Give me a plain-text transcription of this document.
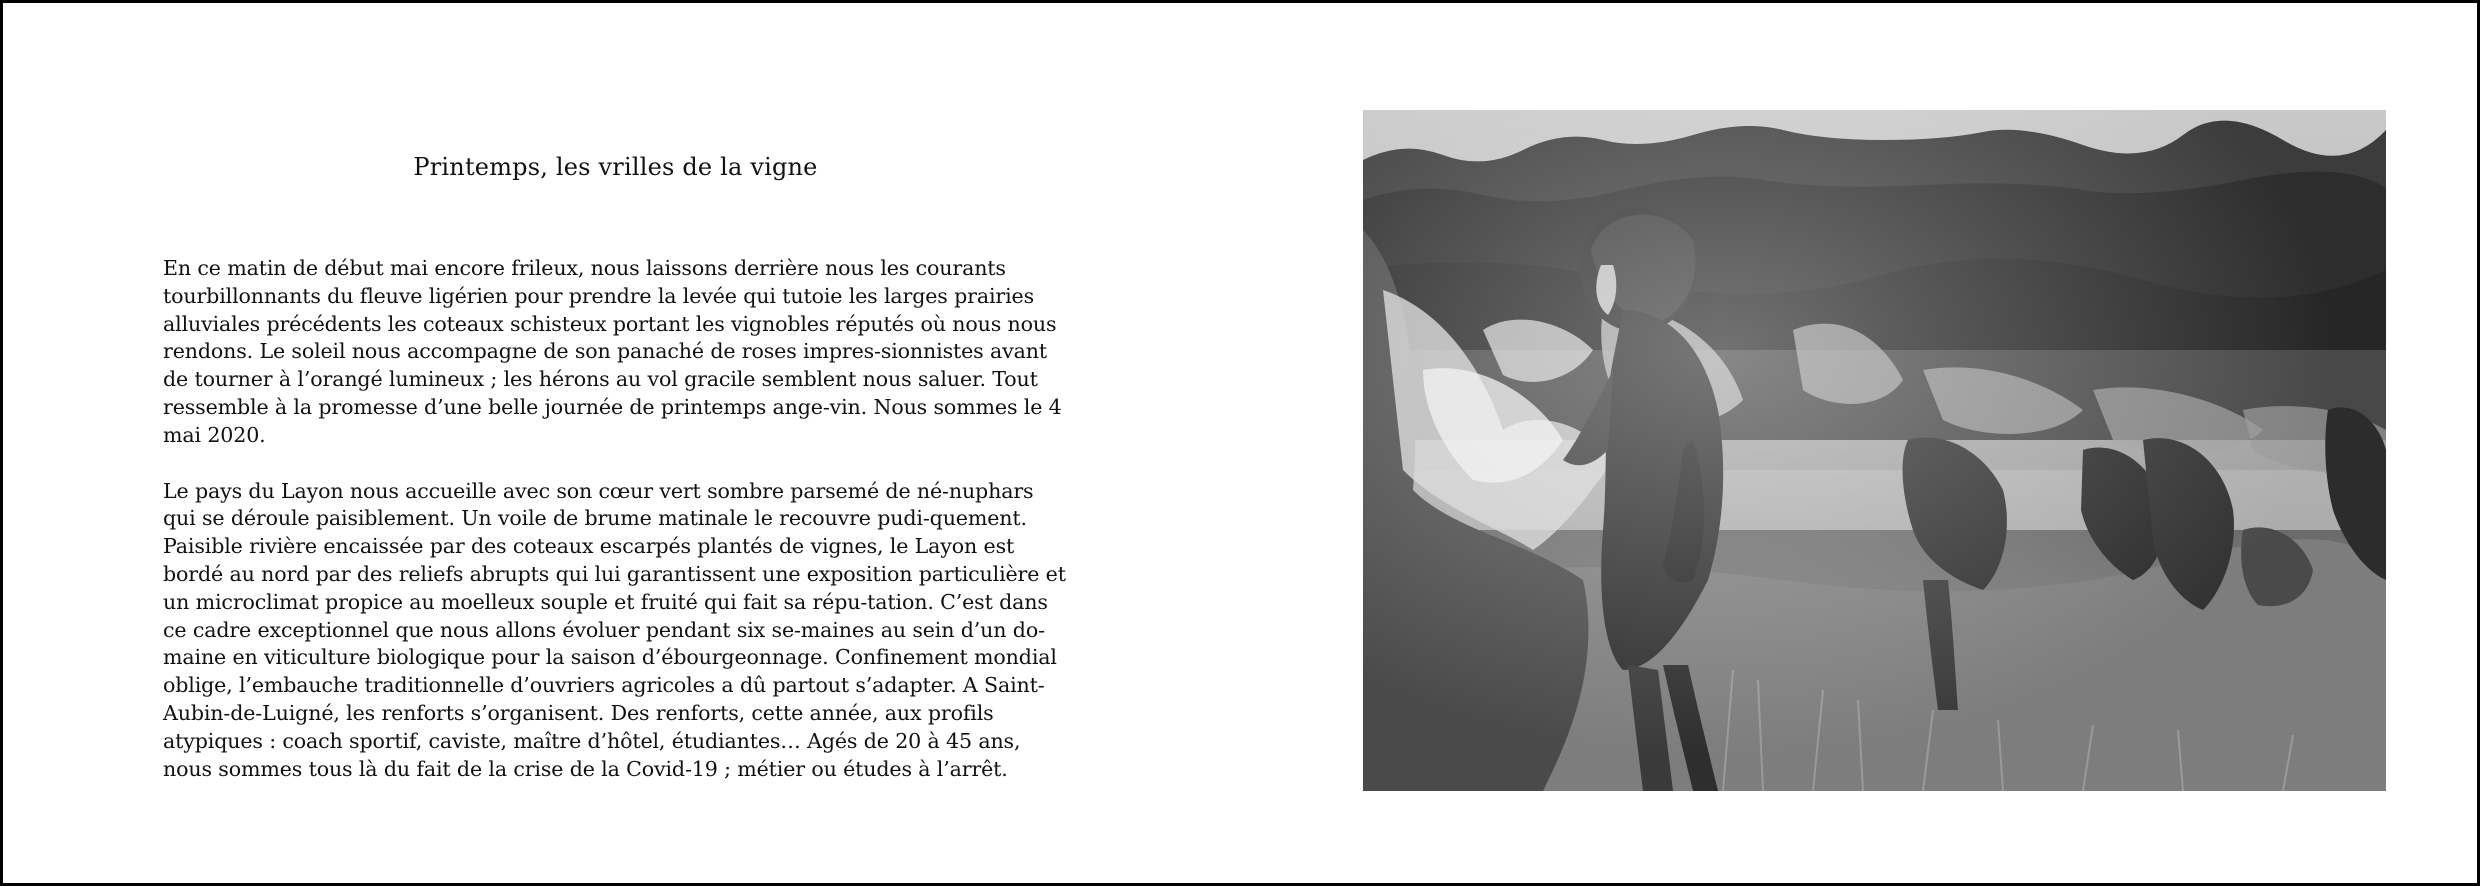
Printemps, les vrilles de la vigne

En ce matin de début mai encore frileux, nous laissons derrière nous les courants tourbillonnants du fleuve ligérien pour prendre la levée qui tutoie les larges prairies alluviales précédents les coteaux schisteux portant les vignobles réputés où nous nous rendons. Le soleil nous accompagne de son panaché de roses impres-sionnistes avant de tourner à l’orangé lumineux ; les hérons au vol gracile semblent nous saluer. Tout ressemble à la promesse d’une belle journée de printemps ange-vin. Nous sommes le 4 mai 2020.

Le pays du Layon nous accueille avec son cœur vert sombre parsemé de né-nuphars qui se déroule paisiblement. Un voile de brume matinale le recouvre pudi-quement. Paisible rivière encaissée par des coteaux escarpés plantés de vignes, le Layon est bordé au nord par des reliefs abrupts qui lui garantissent une exposition particulière et un microclimat propice au moelleux souple et fruité qui fait sa répu-tation. C’est dans ce cadre exceptionnel que nous allons évoluer pendant six se-maines au sein d’un do-maine en viticulture biologique pour la saison d’ébourgeonnage. Confinement mondial oblige, l’embauche traditionnelle d’ouvriers agricoles a dû partout s’adapter. A Saint-Aubin-de-Luigné, les renforts s’organisent. Des renforts, cette année, aux profils atypiques : coach sportif, caviste, maître d’hôtel, étudiantes… Agés de 20 à 45 ans, nous sommes tous là du fait de la crise de la Covid-19 ; métier ou études à l’arrêt.
